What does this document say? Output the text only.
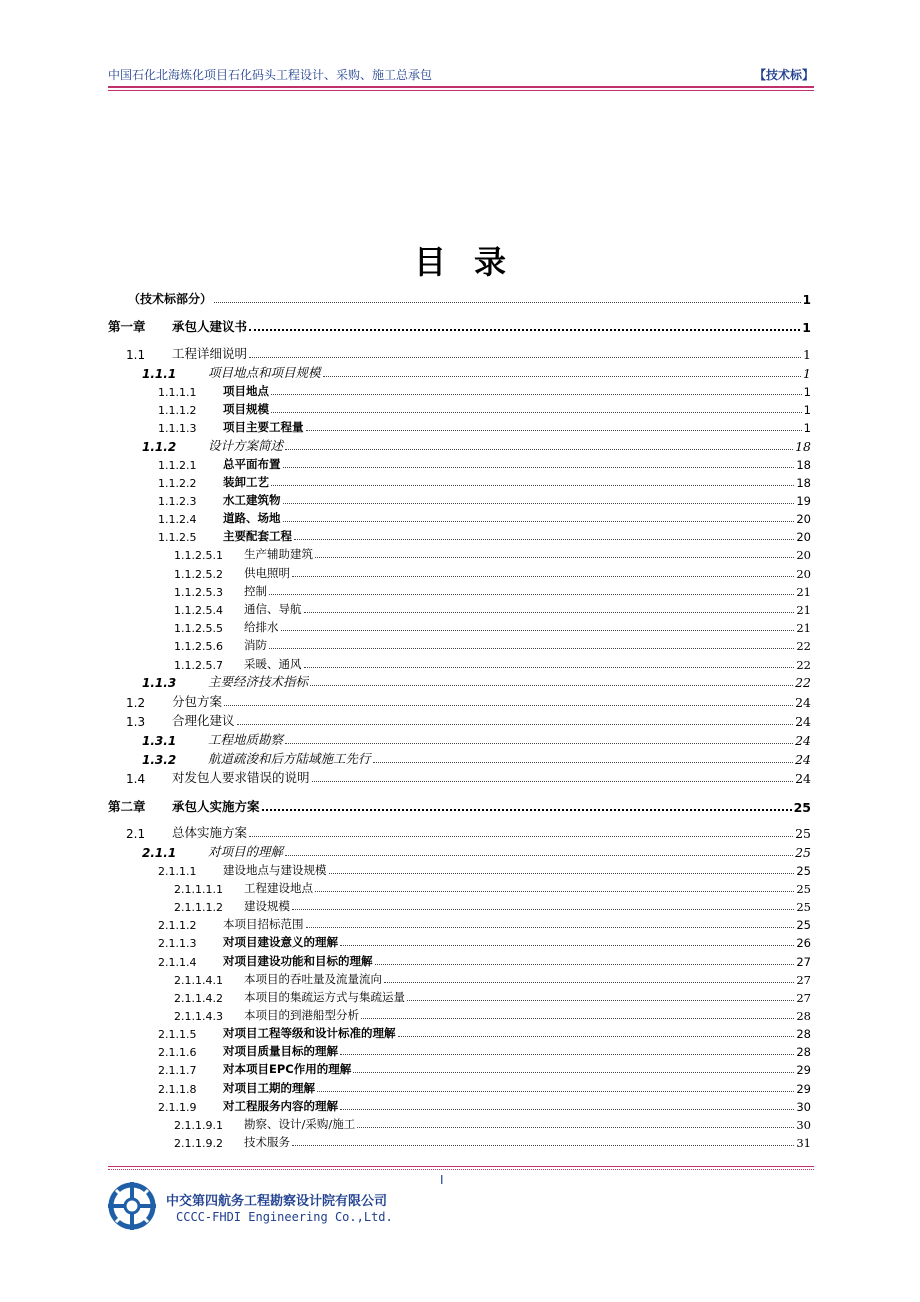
中国石化北海炼化项目石化码头工程设计、采购、施工总承包	【技术标】
目录
（技术标部分）	1
第一章	承包人建议书	1
1.1	工程详细说明	1
1.1.1	项目地点和项目规模	1
1.1.1.1	项目地点	1
1.1.1.2	项目规模	1
1.1.1.3	项目主要工程量	1
1.1.2	设计方案简述	18
1.1.2.1	总平面布置	18
1.1.2.2	装卸工艺	18
1.1.2.3	水工建筑物	19
1.1.2.4	道路、场地	20
1.1.2.5	主要配套工程	20
1.1.2.5.1	生产辅助建筑	20
1.1.2.5.2	供电照明	20
1.1.2.5.3	控制	21
1.1.2.5.4	通信、导航	21
1.1.2.5.5	给排水	21
1.1.2.5.6	消防	22
1.1.2.5.7	采暖、通风	22
1.1.3	主要经济技术指标	22
1.2	分包方案	24
1.3	合理化建议	24
1.3.1	工程地质勘察	24
1.3.2	航道疏浚和后方陆域施工先行	24
1.4	对发包人要求错误的说明	24
第二章	承包人实施方案	25
2.1	总体实施方案	25
2.1.1	对项目的理解	25
2.1.1.1	建设地点与建设规模	25
2.1.1.1.1	工程建设地点	25
2.1.1.1.2	建设规模	25
2.1.1.2	本项目招标范围	25
2.1.1.3	对项目建设意义的理解	26
2.1.1.4	对项目建设功能和目标的理解	27
2.1.1.4.1	本项目的吞吐量及流量流向	27
2.1.1.4.2	本项目的集疏运方式与集疏运量	27
2.1.1.4.3	本项目的到港船型分析	28
2.1.1.5	对项目工程等级和设计标准的理解	28
2.1.1.6	对项目质量目标的理解	28
2.1.1.7	对本项目EPC作用的理解	29
2.1.1.8	对项目工期的理解	29
2.1.1.9	对工程服务内容的理解	30
2.1.1.9.1	勘察、设计/采购/施工	30
2.1.1.9.2	技术服务	31
I
中交第四航务工程勘察设计院有限公司
CCCC-FHDI Engineering Co.,Ltd.
